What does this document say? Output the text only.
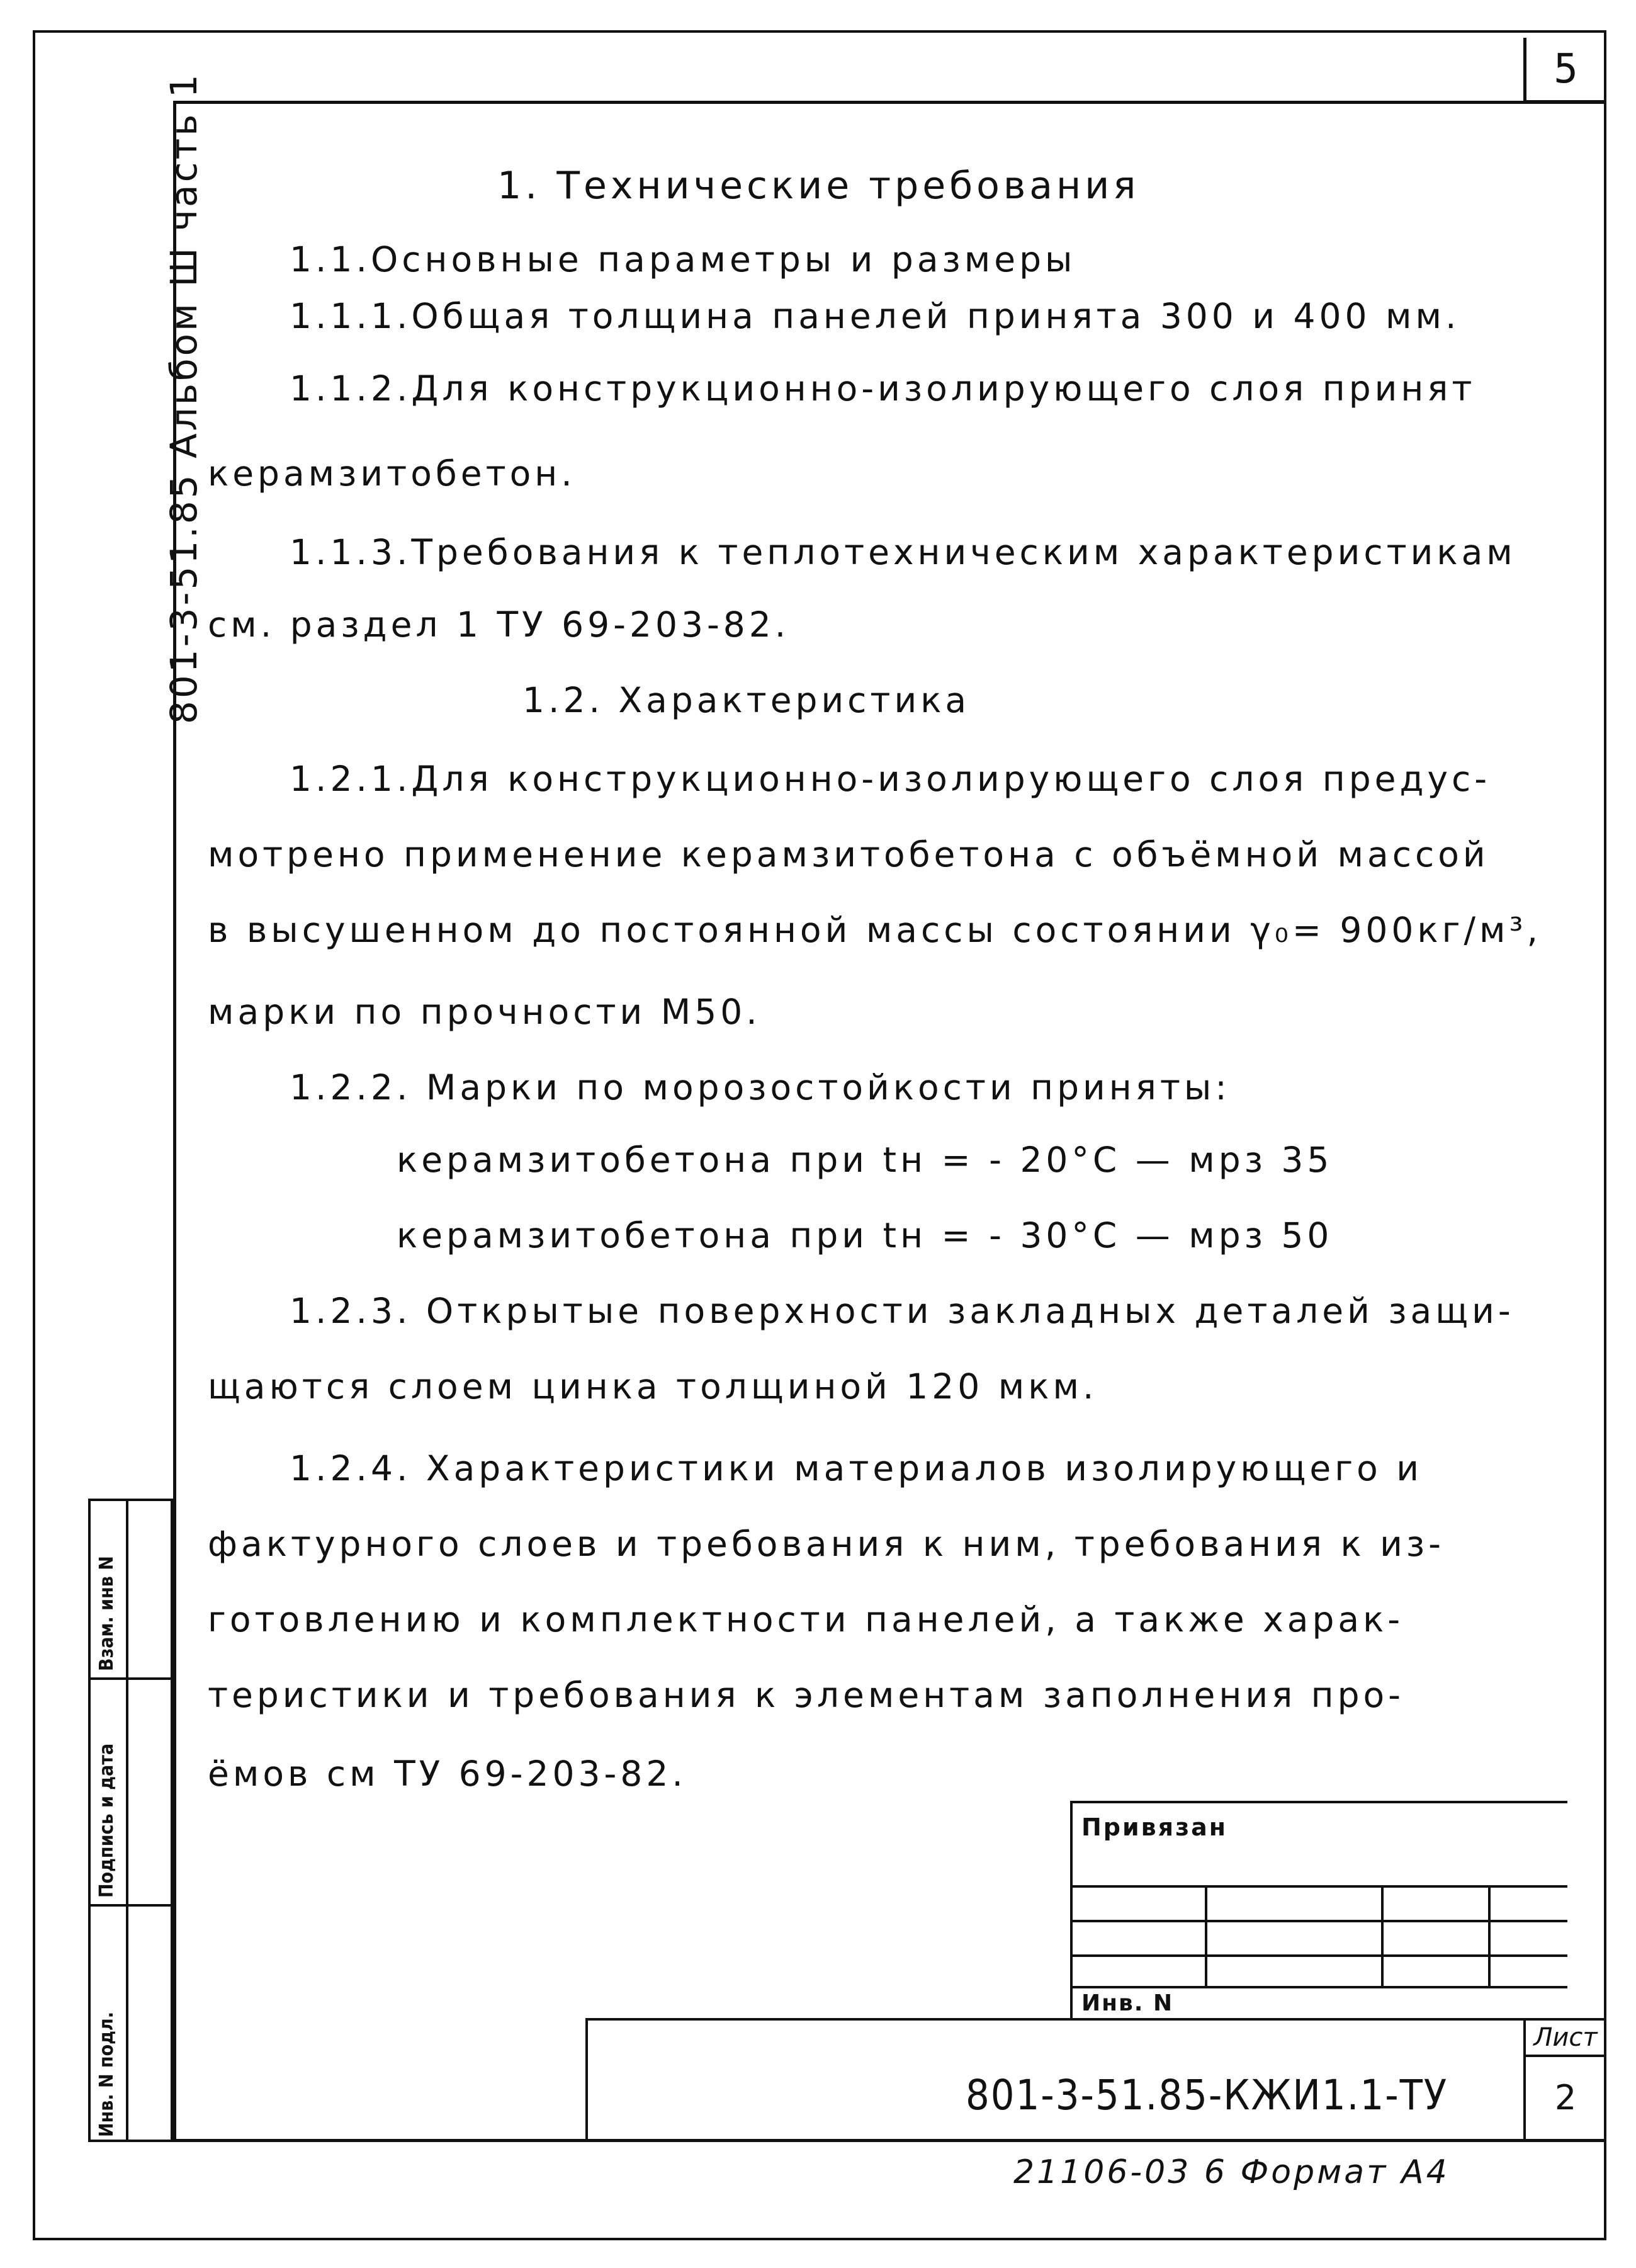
5
801-3-51.85 Альбом Ш часть 1
Взам. инв N
Подпись и дата
Инв. N подл.
1. Технические требования
1.1.Основные параметры и размеры
1.1.1.Общая толщина панелей принята 300 и 400 мм.
1.1.2.Для конструкционно-изолирующего слоя принят
керамзитобетон.
1.1.3.Требования к теплотехническим характеристикам
см. раздел 1 ТУ 69-203-82.
1.2. Характеристика
1.2.1.Для конструкционно-изолирующего слоя предус-
мотрено применение керамзитобетона с объёмной массой
в высушенном до постоянной массы состоянии γ₀= 900кг/м³,
марки по прочности М50.
1.2.2. Марки по морозостойкости приняты:
керамзитобетона при tн = - 20°С — мрз 35
керамзитобетона при tн = - 30°С — мрз 50
1.2.3. Открытые поверхности закладных деталей защи-
щаются слоем цинка толщиной 120 мкм.
1.2.4. Характеристики материалов изолирующего и
фактурного слоев и требования к ним, требования к из-
готовлению и комплектности панелей, а также харак-
теристики и требования к элементам заполнения про-
ёмов см ТУ 69-203-82.
Привязан
Инв. N
801-3-51.85-КЖИ1.1-ТУ
Лист
2
21106-03 6 Формат А4
